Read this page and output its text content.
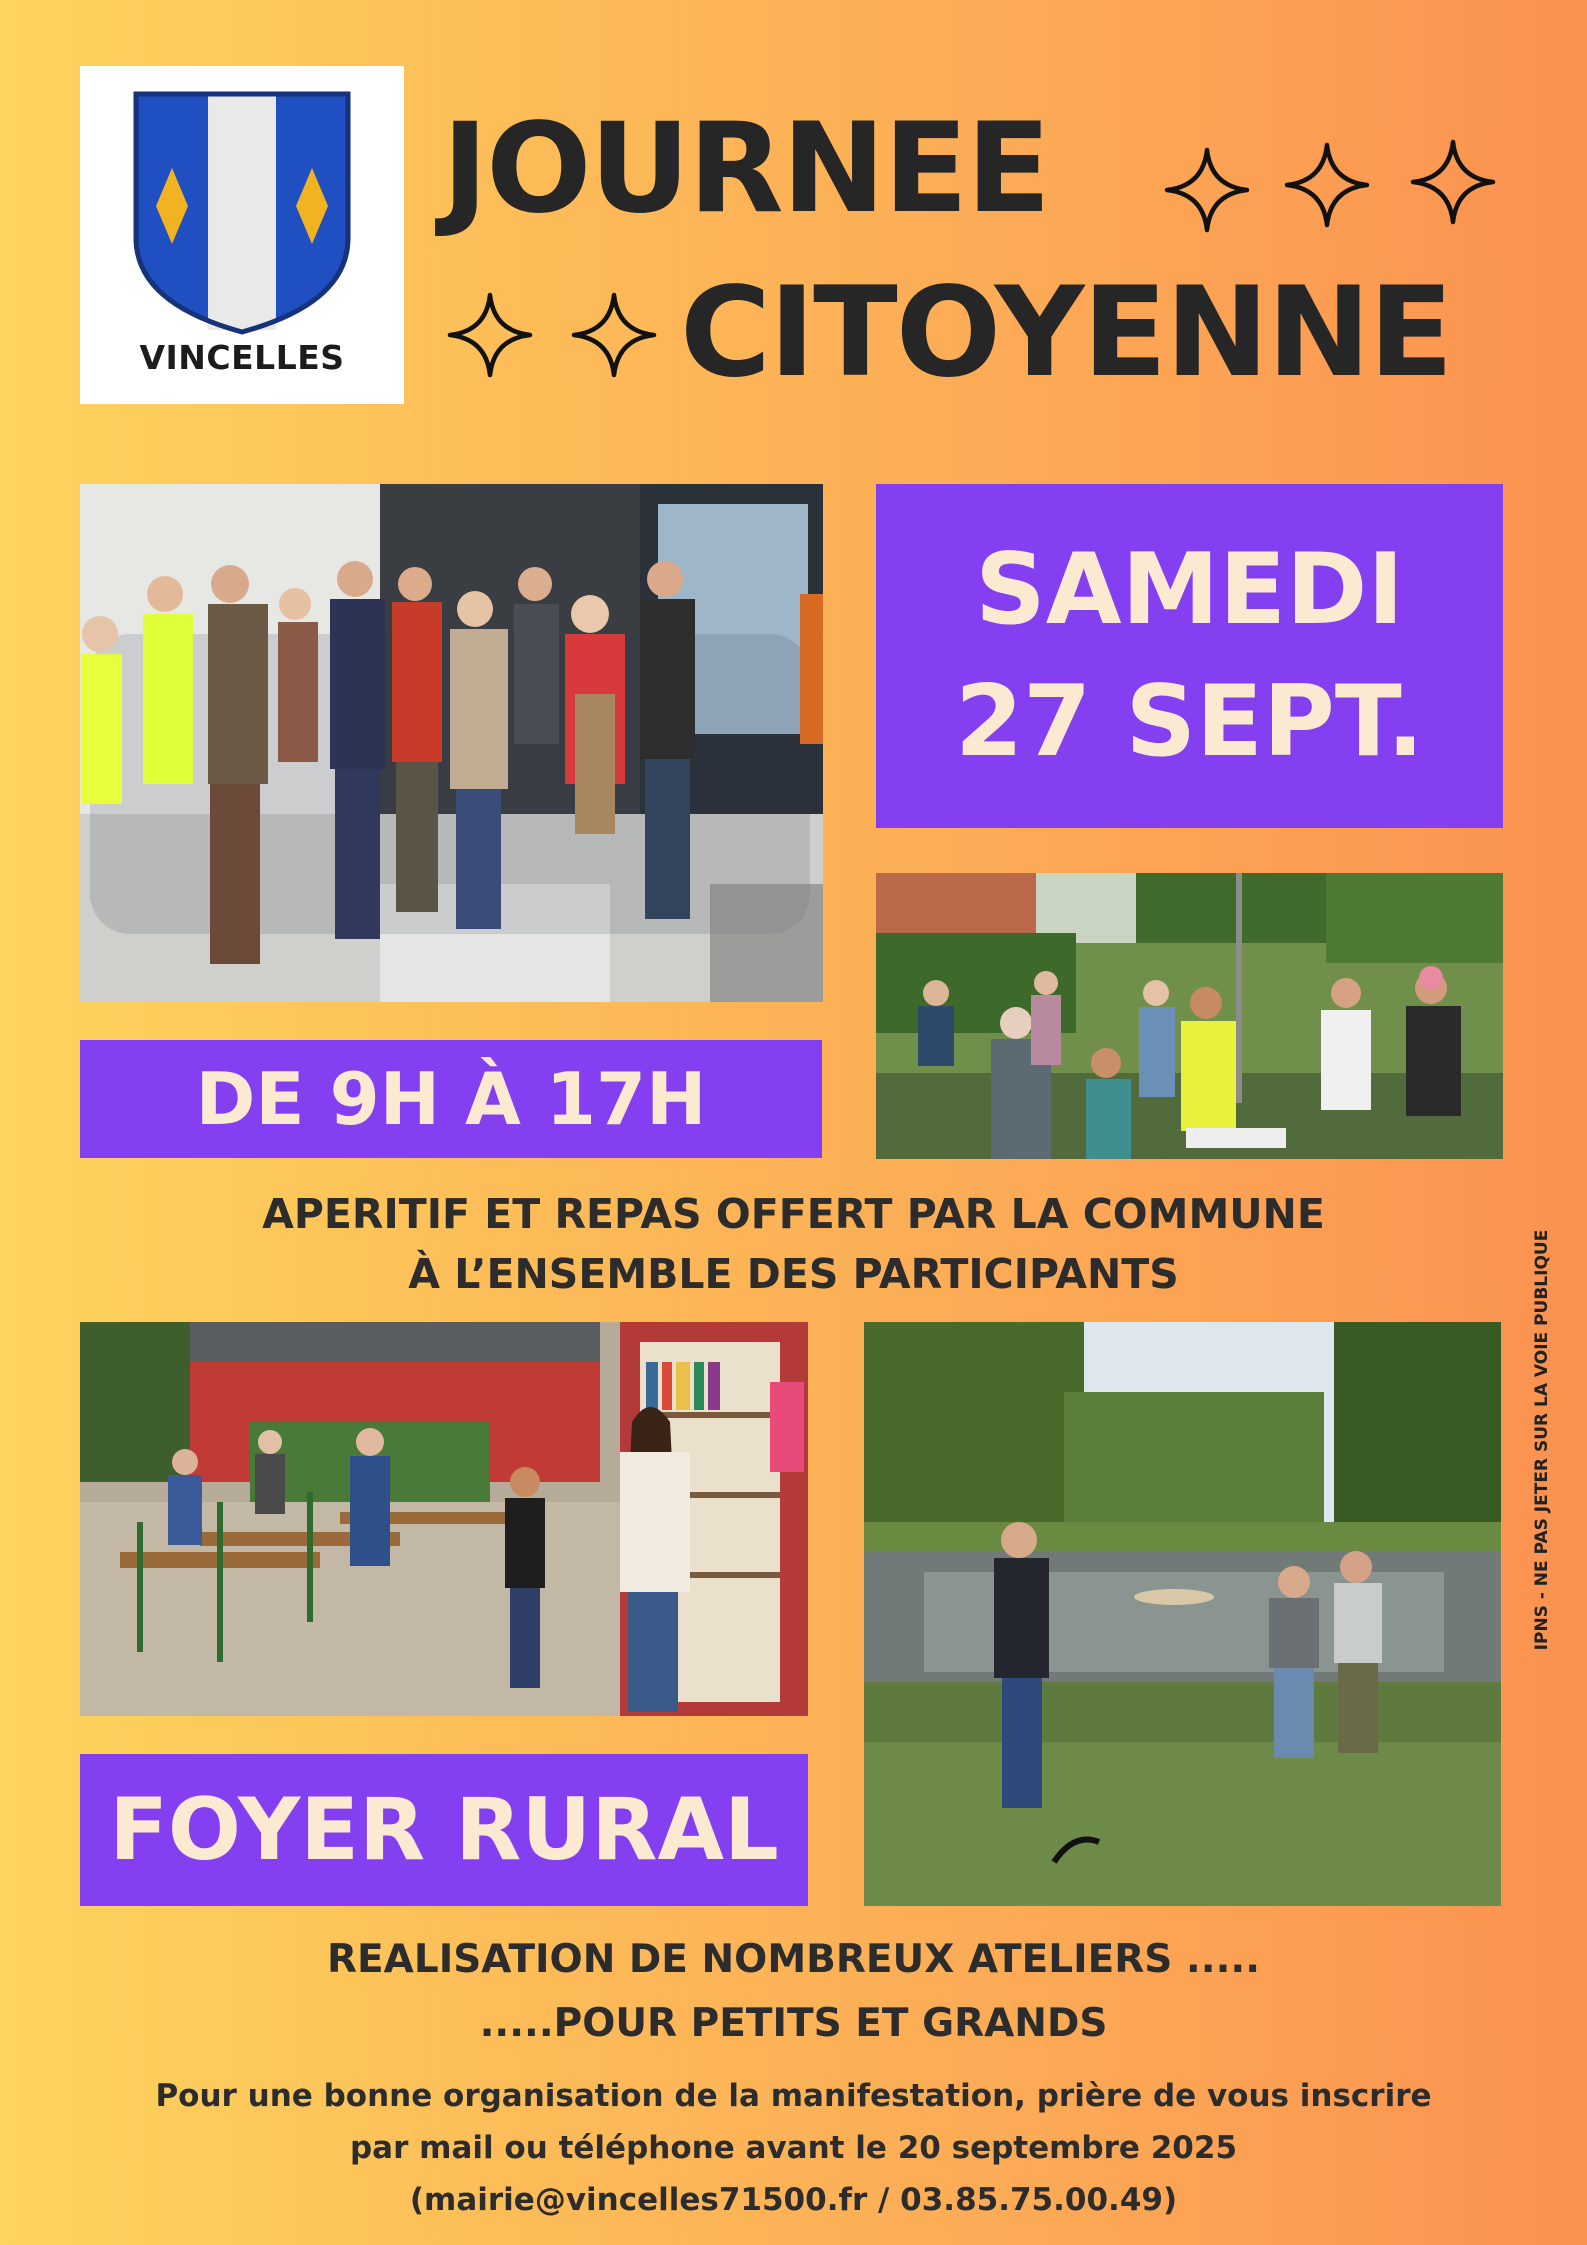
VINCELLES
JOURNEE
CITOYENNE
SAMEDI
27 SEPT.
DE 9H À 17H
APERITIF ET REPAS OFFERT PAR LA COMMUNE
À L’ENSEMBLE DES PARTICIPANTS
FOYER RURAL
REALISATION DE NOMBREUX ATELIERS .....
.....POUR PETITS ET GRANDS
Pour une bonne organisation de la manifestation, prière de vous inscrire
par mail ou téléphone avant le 20 septembre 2025
(mairie@vincelles71500.fr / 03.85.75.00.49)
IPNS - NE PAS JETER SUR LA VOIE PUBLIQUE
